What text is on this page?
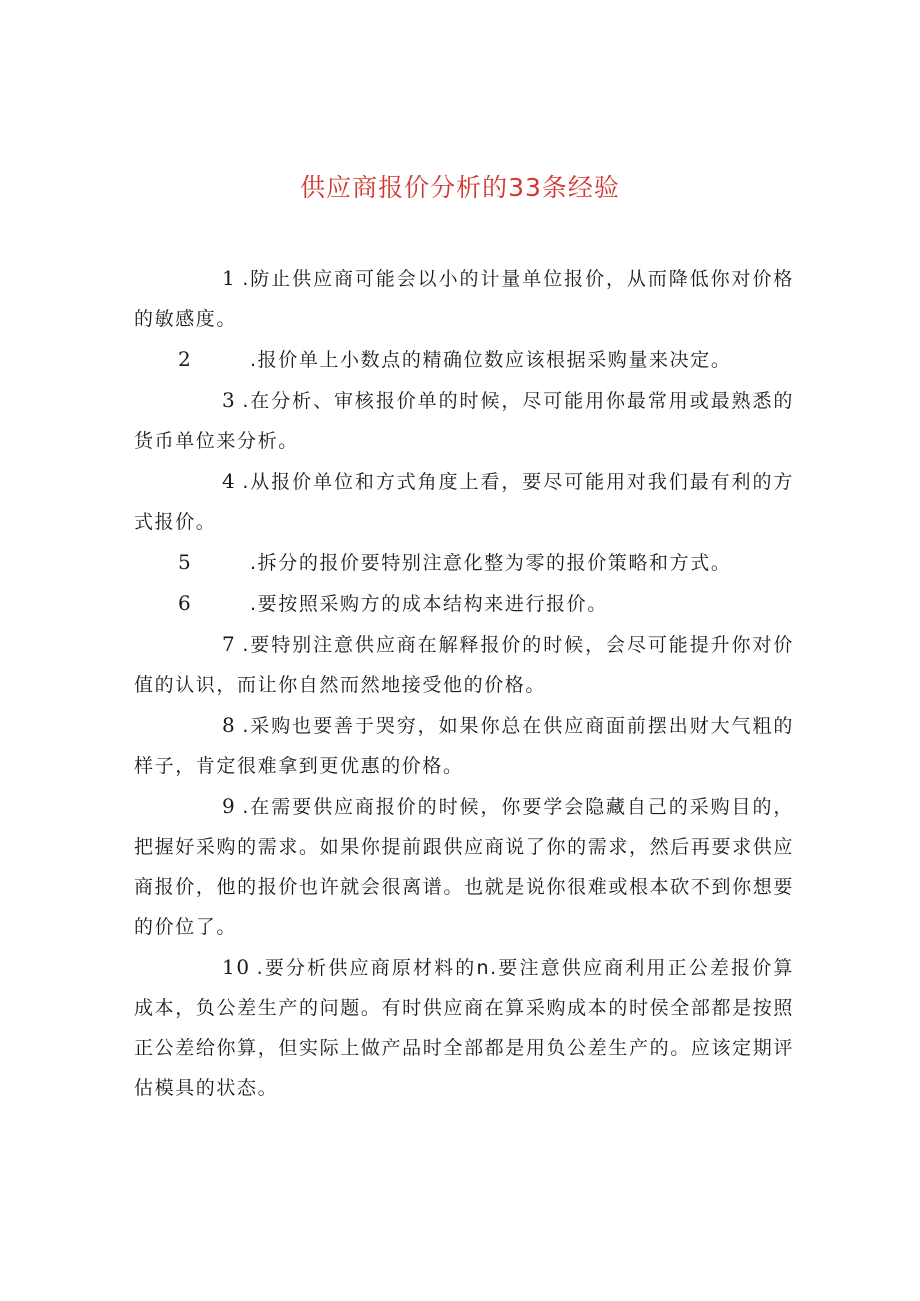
供应商报价分析的33条经验

1 .防止供应商可能会以小的计量单位报价，从而降低你对价格的敏感度。

2	.报价单上小数点的精确位数应该根据采购量来决定。

3 .在分析、审核报价单的时候，尽可能用你最常用或最熟悉的货币单位来分析。

4 .从报价单位和方式角度上看，要尽可能用对我们最有利的方式报价。

5	.拆分的报价要特别注意化整为零的报价策略和方式。

6	.要按照采购方的成本结构来进行报价。

7 .要特别注意供应商在解释报价的时候，会尽可能提升你对价值的认识，而让你自然而然地接受他的价格。

8 .采购也要善于哭穷，如果你总在供应商面前摆出财大气粗的样子，肯定很难拿到更优惠的价格。

9 .在需要供应商报价的时候，你要学会隐藏自己的采购目的，把握好采购的需求。如果你提前跟供应商说了你的需求，然后再要求供应商报价，他的报价也许就会很离谱。也就是说你很难或根本砍不到你想要的价位了。

10 .要分析供应商原材料的n.要注意供应商利用正公差报价算成本，负公差生产的问题。有时供应商在算采购成本的时侯全部都是按照正公差给你算，但实际上做产品时全部都是用负公差生产的。应该定期评估模具的状态。
